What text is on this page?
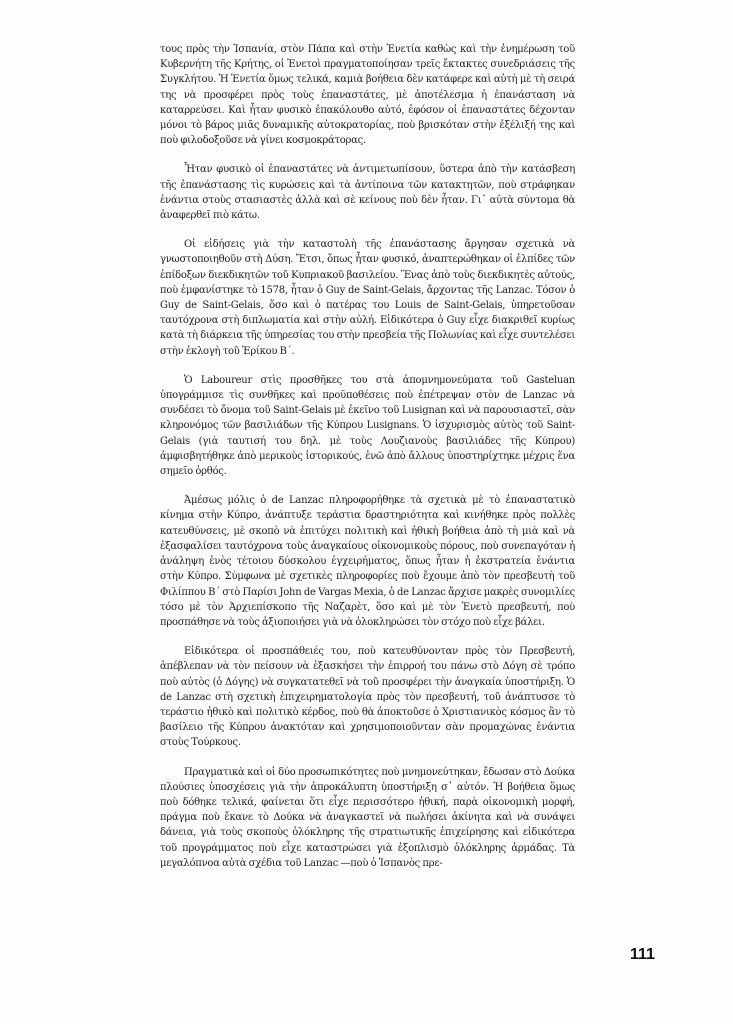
τους πρὸς τὴν Ἱσπανία, στὸν Πάπα καὶ στὴν Ἐνετία καθὼς καὶ τὴν ἐνημέρωση τοῦ Κυβερνήτη τῆς Κρήτης, οἱ Ἐνετοὶ πραγματοποίησαν τρεῖς ἔκτακτες συνεδριάσεις τῆς Συγκλήτου. Ἡ Ἐνετία ὅμως τελικά, καμιὰ βοήθεια δὲν κατάφερε καὶ αὐτὴ μὲ τὴ σειρά της νὰ προσφέρει πρὸς τοὺς ἐπαναστάτες, μὲ ἀποτέλεσμα ἡ ἐπανάσταση νὰ καταρρεύσει. Καὶ ἦταν φυσικὸ ἐπακόλουθο αὐτό, ἐφόσον οἱ ἐπαναστάτες δέχονταν μόνοι τὸ βάρος μιᾶς δυναμικῆς αὐτοκρατορίας, ποὺ βρισκόταν στὴν ἐξέλιξή της καὶ ποὺ φιλοδοξοῦσε νὰ γίνει κοσμοκράτορας.

Ἦταν φυσικὸ οἱ ἐπαναστάτες νὰ ἀντιμετωπίσουν, ὕστερα ἀπὸ τὴν κατάσβεση τῆς ἐπανάστασης τὶς κυρώσεις καὶ τὰ ἀντίποινα τῶν κατακτητῶν, ποὺ στράφηκαν ἐνάντια στοὺς στασιαστὲς ἀλλὰ καὶ σὲ κείνους ποὺ δὲν ἦταν. Γι᾿ αὐτὰ σύντομα θὰ ἀναφερθεῖ πιὸ κάτω.

Οἱ εἰδήσεις γιὰ τὴν καταστολὴ τῆς ἐπανάστασης ἄργησαν σχετικὰ νὰ γνωστοποιηθοῦν στὴ Δύση. Ἔτσι, ὅπως ἦταν φυσικό, ἀναπτερώθηκαν οἱ ἐλπίδες τῶν ἐπίδοξων διεκδικητῶν τοῦ Κυπριακοῦ βασιλείου. Ἕνας ἀπὸ τοὺς διεκδικητὲς αὐτούς, ποὺ ἐμφανίστηκε τὸ 1578, ἦταν ὁ Guy de Saint-Gelais, ἄρχοντας τῆς Lanzac. Τόσον ὁ Guy de Saint-Gelais, ὅσο καὶ ὁ πατέρας του Louis de Saint-Gelais, ὑπηρετοῦσαν ταυτόχρονα στὴ διπλωματία καὶ στὴν αὐλή. Εἰδικότερα ὁ Guy εἶχε διακριθεῖ κυρίως κατὰ τὴ διάρκεια τῆς ὑπηρεσίας του στὴν πρεσβεία τῆς Πολωνίας καὶ εἶχε συντελέσει στὴν ἐκλογὴ τοῦ Ἐρίκου Β΄.

Ὁ Laboureur στὶς προσθῆκες του στὰ ἀπομνημονεύματα τοῦ Gasteluan ὑπογράμμισε τὶς συνθῆκες καὶ προϋποθέσεις ποὺ ἐπέτρεψαν στὸν de Lanzac νὰ συνδέσει τὸ ὄνομα τοῦ Saint-Gelais μὲ ἐκεῖνο τοῦ Lusignan καὶ νὰ παρουσιαστεῖ, σὰν κληρονόμος τῶν βασιλιάδων τῆς Κύπρου Lusignans. Ὁ ἰσχυρισμὸς αὐτὸς τοῦ Saint-Gelais (γιὰ ταυτισή του δηλ. μὲ τοὺς Λουζιανοὺς βασιλιάδες τῆς Κύπρου) ἀμφισβητήθηκε ἀπὸ μερικοὺς ἱστορικούς, ἐνῶ ἀπὸ ἄλλους ὑποστηρίχτηκε μέχρις ἕνα σημεῖο ὀρθός.

Ἀμέσως μόλις ὁ de Lanzac πληροφορήθηκε τὰ σχετικὰ μὲ τὸ ἐπαναστατικὸ κίνημα στὴν Κύπρο, ἀνάπτυξε τεράστια δραστηριότητα καὶ κινήθηκε πρὸς πολλὲς κατευθύνσεις, μὲ σκοπὸ νὰ ἐπιτύχει πολιτικὴ καὶ ἠθικὴ βοήθεια ἀπὸ τὴ μιὰ καὶ νὰ ἐξασφαλίσει ταυτόχρονα τοὺς ἀναγκαίους οἰκονομικοὺς πόρους, ποὺ συνεπαγόταν ἡ ἀνάληψη ἑνὸς τέτοιου δύσκολου ἐγχειρήματος, ὅπως ἦταν ἡ ἐκστρατεία ἐνάντια στὴν Κύπρο. Σύμφωνα μὲ σχετικὲς πληροφορίες ποὺ ἔχουμε ἀπὸ τὸν πρεσβευτὴ τοῦ Φιλίππου Β΄ στὸ Παρίσι John de Vargas Mexia, ὁ de Lanzac ἄρχισε μακρὲς συνομιλίες τόσο μὲ τὸν Ἀρχιεπίσκοπο τῆς Ναζαρὲτ, ὅσο καὶ μὲ τὸν Ἐνετὸ πρεσβευτή, ποὺ προσπάθησε νὰ τοὺς ἀξιοποιήσει γιὰ νὰ ὁλοκληρώσει τὸν στόχο ποὺ εἶχε βάλει.

Εἰδικότερα οἱ προσπάθειές του, ποὺ κατευθύνονταν πρὸς τὸν Πρεσβευτή, ἀπέβλεπαν νὰ τὸν πείσουν νὰ ἐξασκήσει τὴν ἐπιρροή του πάνω στὸ Δόγη σὲ τρόπο ποὺ αὐτὸς (ὁ Δόγης) νὰ συγκατατεθεῖ νὰ τοῦ προσφέρει τὴν ἀναγκαία ὑποστήριξη. Ὁ de Lanzac στὴ σχετικὴ ἐπιχειρηματολογία πρὸς τὸν πρεσβευτή, τοῦ ἀνάπτυσσε τὸ τεράστιο ἠθικὸ καὶ πολιτικὸ κέρδος, ποὺ θὰ ἀποκτοῦσε ὁ Χριστιανικὸς κόσμος ἂν τὸ βασίλειο τῆς Κύπρου ἀνακτόταν καὶ χρησιμοποιοῦνταν σὰν προμαχώνας ἐνάντια στοὺς Τούρκους.

Πραγματικὰ καὶ οἱ δύο προσωπικότητες ποὺ μνημονεύτηκαν, ἔδωσαν στὸ Δούκα πλούσιες ὑποσχέσεις γιὰ τὴν ἀπροκάλυπτη ὑποστήριξη σ᾿ αὐτόν. Ἡ βοήθεια ὅμως ποὺ δόθηκε τελικά, φαίνεται ὅτι εἶχε περισσότερο ἠθική, παρὰ οἰκονομικὴ μορφή, πράγμα ποὺ ἔκανε τὸ Δούκα νὰ ἀναγκαστεῖ νὰ πωλήσει ἀκίνητα καὶ νὰ συνάψει δάνεια, γιὰ τοὺς σκοποὺς ὁλόκληρης τῆς στρατιωτικῆς ἐπιχείρησης καὶ εἰδικότερα τοῦ προγράμματος ποὺ εἶχε καταστρώσει γιὰ ἐξοπλισμὸ ὁλόκληρης ἀρμάδας. Τὰ μεγαλόπνοα αὐτὰ σχέδια τοῦ Lanzac —ποὺ ὁ Ἱσπανὸς πρε-

111
